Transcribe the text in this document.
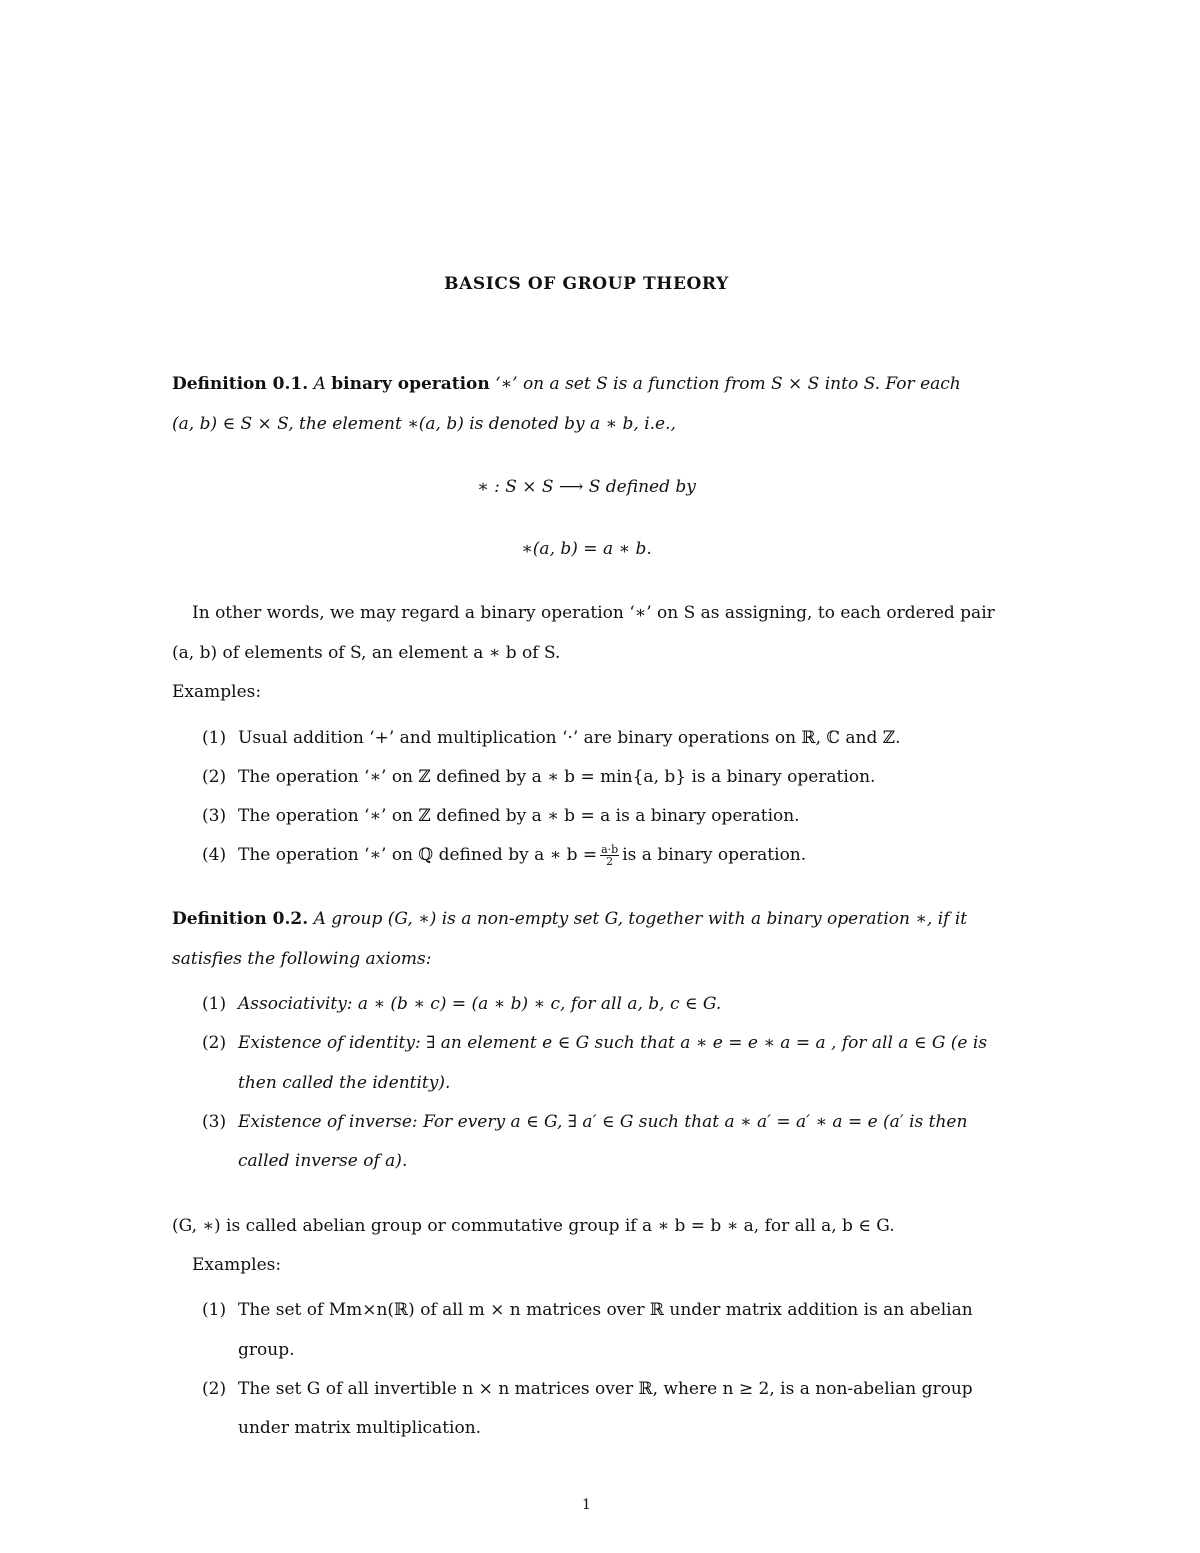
BASICS OF GROUP THEORY
Definition 0.1. A binary operation ‘∗’ on a set S is a function from S × S into S. For each
(a, b) ∈ S × S, the element ∗(a, b) is denoted by a ∗ b, i.e.,
∗ : S × S ⟶ S defined by
∗(a, b) = a ∗ b.
In other words, we may regard a binary operation ‘∗’ on S as assigning, to each ordered pair
(a, b) of elements of S, an element a ∗ b of S.
Examples:
(1) Usual addition ‘+’ and multiplication ‘·’ are binary operations on ℝ, ℂ and ℤ.
(2) The operation ‘∗’ on ℤ defined by a ∗ b = min{a, b} is a binary operation.
(3) The operation ‘∗’ on ℤ defined by a ∗ b = a is a binary operation.
(4) The operation ‘∗’ on ℚ defined by a ∗ $b = \frac{a\cdot b}{2}$ is a binary operation.
Definition 0.2. A group (G, ∗) is a non-empty set G, together with a binary operation ∗, if it
satisfies the following axioms:
(1) Associativity: a ∗ (b ∗ c) = (a ∗ b) ∗ c, for all a, b, c ∈ G.
(2) Existence of identity: ∃ an element e ∈ G such that a ∗ e = e ∗ a = a , for all a ∈ G (e is
then called the identity).
(3) Existence of inverse: For every a ∈ G, ∃ a′ ∈ G such that a ∗ a′ = a′ ∗ a = e (a′ is then
called inverse of a).
(G, ∗) is called abelian group or commutative group if a ∗ b = b ∗ a, for all a, b ∈ G.
Examples:
(1) The set of Mm×n(ℝ) of all m × n matrices over ℝ under matrix addition is an abelian
group.
(2) The set G of all invertible n × n matrices over ℝ, where n ≥ 2, is a non-abelian group
under matrix multiplication.
1
